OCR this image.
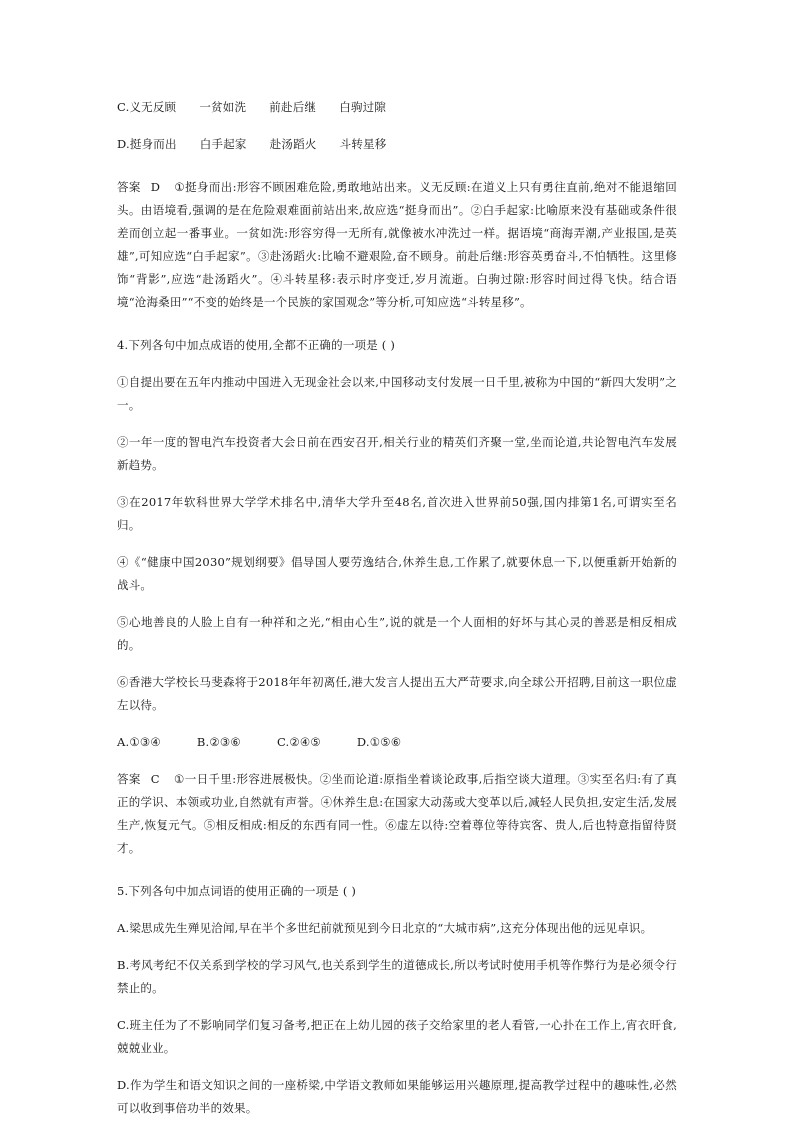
C.义无反顾      一贫如洗      前赴后继      白驹过隙

D.挺身而出      白手起家      赴汤蹈火      斗转星移

答案 D ①挺身而出:形容不顾困难危险,勇敢地站出来。义无反顾:在道义上只有勇往直前,绝对不能退缩回头。由语境看,强调的是在危险艰难面前站出来,故应选“挺身而出”。②白手起家:比喻原来没有基础或条件很差而创立起一番事业。一贫如洗:形容穷得一无所有,就像被水冲洗过一样。据语境“商海弄潮,产业报国,是英雄”,可知应选“白手起家”。③赴汤蹈火:比喻不避艰险,奋不顾身。前赴后继:形容英勇奋斗,不怕牺牲。这里修饰“背影”,应选“赴汤蹈火”。④斗转星移:表示时序变迁,岁月流逝。白驹过隙:形容时间过得飞快。结合语境“沧海桑田”“不变的始终是一个民族的家国观念”等分析,可知应选“斗转星移”。

4.下列各句中加点成语的使用,全都不正确的一项是 ( )

①自提出要在五年内推动中国进入无现金社会以来,中国移动支付发展一日千里,被称为中国的“新四大发明”之一。

②一年一度的智电汽车投资者大会日前在西安召开,相关行业的精英们齐聚一堂,坐而论道,共论智电汽车发展新趋势。

③在2017年软科世界大学学术排名中,清华大学升至48名,首次进入世界前50强,国内排第1名,可谓实至名归。

④《“健康中国2030”规划纲要》倡导国人要劳逸结合,休养生息,工作累了,就要休息一下,以便重新开始新的战斗。

⑤心地善良的人脸上自有一种祥和之光,“相由心生”,说的就是一个人面相的好坏与其心灵的善恶是相反相成的。

⑥香港大学校长马斐森将于2018年年初离任,港大发言人提出五大严苛要求,向全球公开招聘,目前这一职位虚左以待。

A.①③④	B.②③⑥	C.②④⑤	D.①⑤⑥

答案 C ①一日千里:形容进展极快。②坐而论道:原指坐着谈论政事,后指空谈大道理。③实至名归:有了真正的学识、本领或功业,自然就有声誉。④休养生息:在国家大动荡或大变革以后,减轻人民负担,安定生活,发展生产,恢复元气。⑤相反相成:相反的东西有同一性。⑥虚左以待:空着尊位等待宾客、贵人,后也特意指留待贤才。

5.下列各句中加点词语的使用正确的一项是 ( )

A.梁思成先生殚见洽闻,早在半个多世纪前就预见到今日北京的“大城市病”,这充分体现出他的远见卓识。

B.考风考纪不仅关系到学校的学习风气,也关系到学生的道德成长,所以考试时使用手机等作弊行为是必须令行禁止的。

C.班主任为了不影响同学们复习备考,把正在上幼儿园的孩子交给家里的老人看管,一心扑在工作上,宵衣旰食,兢兢业业。

D.作为学生和语文知识之间的一座桥梁,中学语文教师如果能够运用兴趣原理,提高教学过程中的趣味性,必然可以收到事倍功半的效果。
